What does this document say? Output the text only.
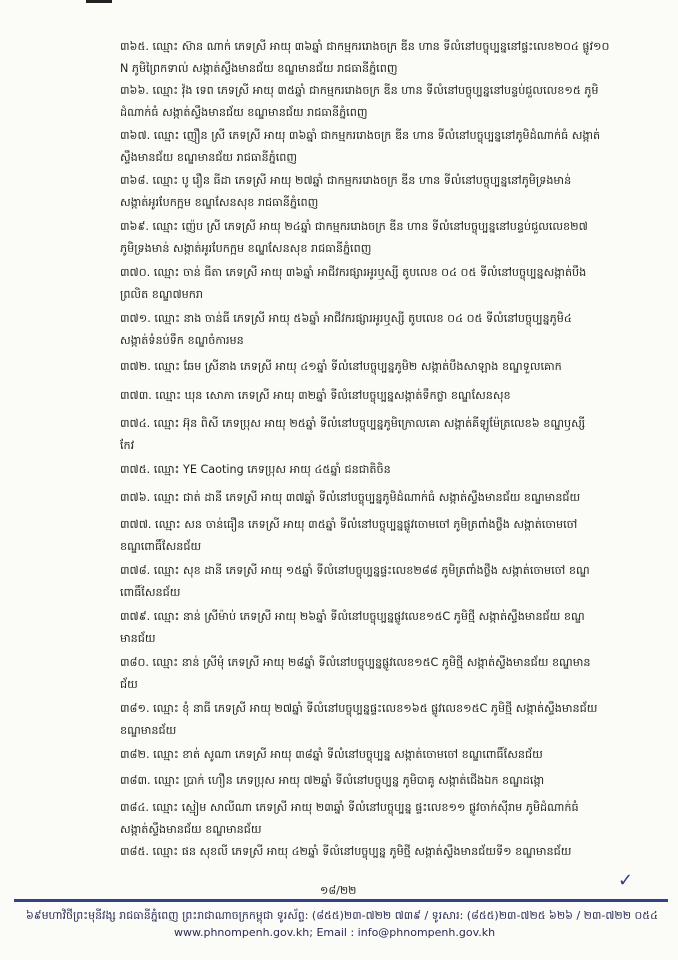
៣៦៥. ឈ្មោះ ស៊ាន ណាក់ ភេទស្រី អាយុ ៣៦ឆ្នាំ ជាកម្មកររោងចក្រ ឌីន ហាន ទីលំនៅបច្ចុប្បន្ននៅផ្ទះលេខ២០៤ ផ្លូវ១០
N ភូមិព្រៃកទាល់ សង្កាត់ស្ទឹងមានជ័យ ខណ្ឌមានជ័យ រាជធានីភ្នំពេញ
៣៦៦. ឈ្មោះ វ៉ុង ទេព ភេទស្រី អាយុ ៣៥ឆ្នាំ ជាកម្មកររោងចក្រ ឌីន ហាន ទីលំនៅបច្ចុប្បន្ននៅបន្ទប់ជួលលេខ១៥ ភូមិ
ដំណាក់ធំ សង្កាត់ស្ទឹងមានជ័យ ខណ្ឌមានជ័យ រាជធានីភ្នំពេញ
៣៦៧. ឈ្មោះ ញឿន ស្រី ភេទស្រី អាយុ ៣៦ឆ្នាំ ជាកម្មកររោងចក្រ ឌីន ហាន ទីលំនៅបច្ចុប្បន្ននៅភូមិដំណាក់ធំ សង្កាត់
ស្ទឹងមានជ័យ ខណ្ឌមានជ័យ រាជធានីភ្នំពេញ
៣៦៨. ឈ្មោះ បូ រឿន ធីដា ភេទស្រី អាយុ ២៧ឆ្នាំ ជាកម្មកររោងចក្រ ឌីន ហាន ទីលំនៅបច្ចុប្បន្ននៅភូមិទ្រងមាន់
សង្កាត់អូរបែកក្អម ខណ្ឌសែនសុខ រាជធានីភ្នំពេញ
៣៦៩. ឈ្មោះ ញ៉េប ស្រី ភេទស្រី អាយុ ២៤ឆ្នាំ ជាកម្មកររោងចក្រ ឌីន ហាន ទីលំនៅបច្ចុប្បន្ននៅបន្ទប់ជួលលេខ២៧
ភូមិទ្រងមាន់ សង្កាត់អូរបែកក្អម ខណ្ឌសែនសុខ រាជធានីភ្នំពេញ
៣៧០. ឈ្មោះ ចាន់ ធីតា ភេទស្រី អាយុ ៣៦ឆ្នាំ អាជីវករផ្សារអូរឬស្សី តូបលេខ ០៤ ០៥ ទីលំនៅបច្ចុប្បន្នសង្កាត់បឹង
ព្រលិត ខណ្ឌ៧មករា
៣៧១. ឈ្មោះ នាង ចាន់ធី ភេទស្រី អាយុ ៥៦ឆ្នាំ អាជីវករផ្សារអូរឬស្សី តូបលេខ ០៤ ០៥ ទីលំនៅបច្ចុប្បន្នភូមិ៤
សង្កាត់ទំនប់ទឹក ខណ្ឌចំការមន
៣៧២. ឈ្មោះ ឆែម ស្រីនាង ភេទស្រី អាយុ ៤១ឆ្នាំ ទីលំនៅបច្ចុប្បន្នភូមិ២ សង្កាត់បឹងសាឡាង ខណ្ឌទួលគោក
៣៧៣. ឈ្មោះ ឃុន សោភា ភេទស្រី អាយុ ៣២ឆ្នាំ ទីលំនៅបច្ចុប្បន្នសង្កាត់ទឹកថ្លា ខណ្ឌសែនសុខ
៣៧៤. ឈ្មោះ អ៊ុន ពិសី ភេទប្រុស អាយុ ២៥ឆ្នាំ ទីលំនៅបច្ចុប្បន្នភូមិក្រោលគោ សង្កាត់គីឡូម៉ែត្រលេខ៦ ខណ្ឌឫស្សី
កែវ
៣៧៥. ឈ្មោះ YE Caoting ភេទប្រុស អាយុ ៤៥ឆ្នាំ ជនជាតិចិន
៣៧៦. ឈ្មោះ ជាត់ ដានី ភេទស្រី អាយុ ៣៧ឆ្នាំ ទីលំនៅបច្ចុប្បន្នភូមិដំណាក់ធំ សង្កាត់ស្ទឹងមានជ័យ ខណ្ឌមានជ័យ
៣៧៧. ឈ្មោះ សន ចាន់ធឿន ភេទស្រី អាយុ ៣៥ឆ្នាំ ទីលំនៅបច្ចុប្បន្នផ្លូវចោមចៅ ភូមិត្រពាំងថ្លឹង សង្កាត់ចោមចៅ
ខណ្ឌពោធិ៍សែនជ័យ
៣៧៨. ឈ្មោះ សុខ ដានី ភេទស្រី អាយុ ១៥ឆ្នាំ ទីលំនៅបច្ចុប្បន្នផ្ទះលេខ២៨៨ ភូមិត្រពាំងថ្លឹង សង្កាត់ចោមចៅ ខណ្ឌ
ពោធិ៍សែនជ័យ
៣៧៩. ឈ្មោះ នាន់ ស្រីម៉ាប់ ភេទស្រី អាយុ ២៦ឆ្នាំ ទីលំនៅបច្ចុប្បន្នផ្លូវលេខ១៥C ភូមិថ្មី សង្កាត់ស្ទឹងមានជ័យ ខណ្ឌ
មានជ័យ
៣៨០. ឈ្មោះ នាន់ ស្រីមុំ ភេទស្រី អាយុ ២៨ឆ្នាំ ទីលំនៅបច្ចុប្បន្នផ្លូវលេខ១៥C ភូមិថ្មី សង្កាត់ស្ទឹងមានជ័យ ខណ្ឌមាន
ជ័យ
៣៨១. ឈ្មោះ ខុំ នាធី ភេទស្រី អាយុ ២៧ឆ្នាំ ទីលំនៅបច្ចុប្បន្នផ្ទះលេខ១៦៥ ផ្លូវលេខ១៥C ភូមិថ្មី សង្កាត់ស្ទឹងមានជ័យ
ខណ្ឌមានជ័យ
៣៨២. ឈ្មោះ ខាត់ សូណា ភេទស្រី អាយុ ៣៨ឆ្នាំ ទីលំនៅបច្ចុប្បន្ន សង្កាត់ចោមចៅ ខណ្ឌពោធិ៍សែនជ័យ
៣៨៣. ឈ្មោះ ប្រាក់ ហឿន ភេទប្រុស អាយុ ៧២ឆ្នាំ ទីលំនៅបច្ចុប្បន្ន ភូមិបាគូ សង្កាត់ជើងឯក ខណ្ឌដង្កោ
៣៨៤. ឈ្មោះ ស្មៀម សាលីណា ភេទស្រី អាយុ ២៣ឆ្នាំ ទីលំនៅបច្ចុប្បន្ន ផ្ទះលេខ១១ ផ្លូវចាក់ស៊ីរាម ភូមិដំណាក់ធំ
សង្កាត់ស្ទឹងមានជ័យ ខណ្ឌមានជ័យ
៣៨៥. ឈ្មោះ ផន សុខលី ភេទស្រី អាយុ ៤២ឆ្នាំ ទីលំនៅបច្ចុប្បន្ន ភូមិថ្មី សង្កាត់ស្ទឹងមានជ័យទី១ ខណ្ឌមានជ័យ
១៨/២២	✓
៦៩មហាវិថីព្រះមុនីវង្ស រាជធានីភ្នំពេញ ព្រះរាជាណាចក្រកម្ពុជា ទូរស័ព្ទ: (៨៥៥)២៣-៧២២ ៧៣៩ / ទូរសារ: (៨៥៥)២៣-៧២៥ ៦២៦ / ២៣-៧២២ ០៥៤
www.phnompenh.gov.kh; Email : info@phnompenh.gov.kh
